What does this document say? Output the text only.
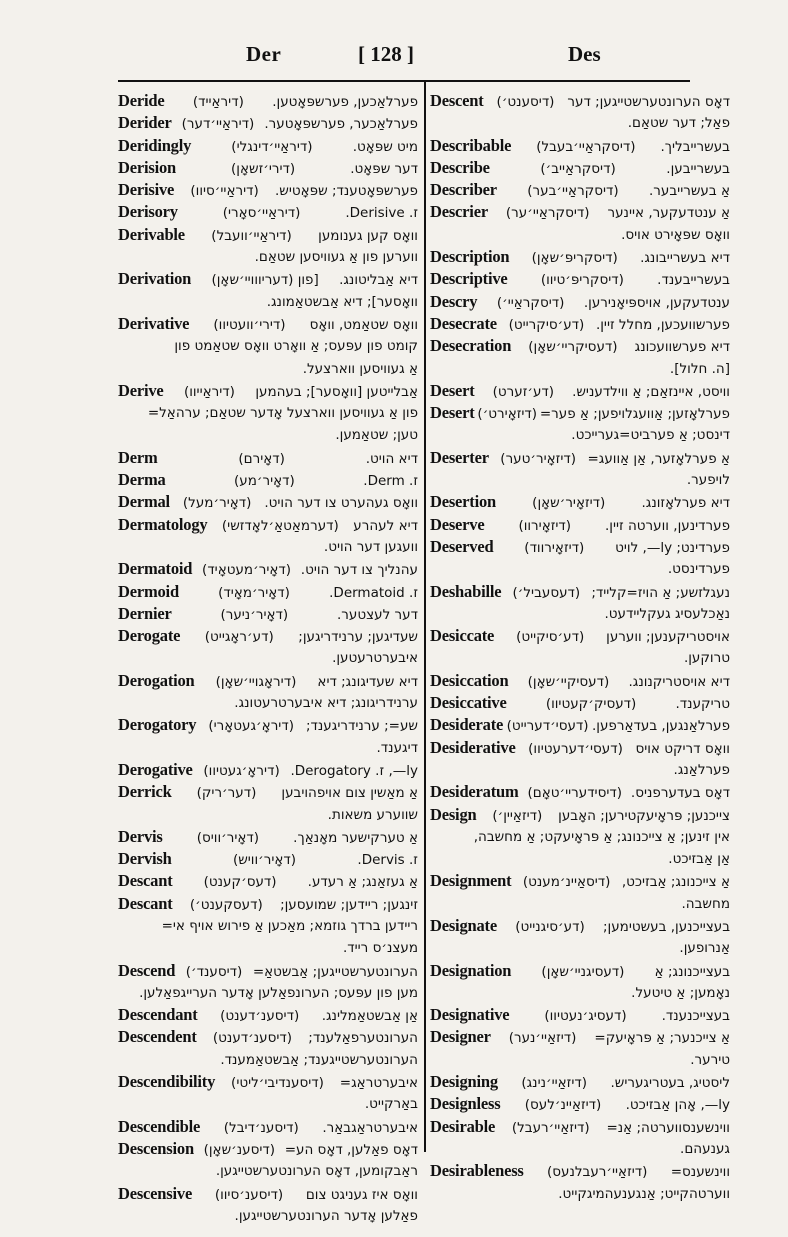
Der	[ 128 ]	Des
Deride (דיראַייד) פערלאַכען, פערשפּאָטען.
Derider (דיראַיי׳דער) פערלאַכער, פערשפּאָטער.
Deridingly	(דיראַיי׳דינגלי)	מיט שפּאָט.
Derision	(דירי׳זשאָן)	דער שפּאָט.
Derisive (דיראַיי׳סיוו) פערשפּאָטענד; שפּאָטיש.
Derisory	(דיראַיי׳סאָרי)	ז. Derisive.
Derivable (דיראַיי׳וועבל) וואָס קען גענומען
ווערען פון אַ געוויסען שטאַם.
Derivation [פון (דעריווויי׳שאָן) דיא אַבליטונג.
וואָסער]; דיא אַבשטאַמונג.
Derivative (דירי׳וועטיוו) וואָס שטאַמט, וואָס
קומט פון עפּעס; אַ וואָרט וואָס שטאַמט פון
אַ געוויסען ווארצעל.
Derive (דיראַייוו) אַבלייטען [וואָסער]; בעהמען
פון אַ געוויסען ווארצעל אָדער שטאַם; ערהאַל=
טען; שטאַמען.
Derm	(דאָירם)	דיא הויט.
Derma	(דאָיר׳מע)	ז. Derm.
Dermal (דאָיר׳מעל) וואָס געהערט צו דער הויט.
Dermatology (דערמאַטאַ׳לאָדזשי) דיא לעהרע
וועגען דער הויט.
Dermatoid (דאָיר׳מעטאָיד) עהנליך צו דער הויט.
Dermoid	(דאָיר׳מאָיד)	ז. Dermatoid.
Dernier	(דאָיר׳ניער)	דער לעצטער.
Derogate (דע׳ראָגייט) שעדיגען; ערנידריגען;
איבערטרעטען.
Derogation (דיראָגויי׳שאָן) דיא שעדיגונג; דיא
ערנידריגונג; דיא איבערטרעטונג.
Derogatory (דיראָ׳געטאָרי) שע=; ערנידריגענד;
דיגענד.
Derogative (דיראָ׳געטיוו) ly—, ז. Derogatory.
Derrick (דער׳ריק) אַ מאַשין צום אויפהויבען
שווערע משאות.
Dervis	(דאָיר׳וויס)	אַ טערקישער מאָנאַך.
Dervish	(דאָיר׳וויש)	ז. Dervis.
Descant (דעס׳קענט) אַ געזאַנג; אַ רעדע.
Descant (דעסקענט׳) זינגען; ריידען; שמועסען;
ריידען ברדך גוזמא; מאַכען אַ פירוש אויף אי=
מעצנ׳ס רייד.
Descend (דיסענד׳) הערונטערשטייגען; אַבשטאַ=
מען פון עפּעס; הערונפאַלען אָדער הערייגפאַלען.
Descendant (דיסענ׳דענט) אַן אַבשטאַמלינג.
Descendent (דיסענ׳דענט) הערונטערפאַלענד;
הערונטערשטייגענד; אַבשטאַמענד.
Descendibility (דיסענדיבי׳ליטי) איבערטראַג=
באַרקייט.
Descendible (דיסענ׳דיבל) איבערטראַגבאַר.
Descension (דיסענ׳שאָן) דאָס פאַלען, דאָס הע=
ראַבקומען, דאָס הערונטערשטייגען.
Descensive (דיסענ׳סיוו) וואָס איז געניגט צום
פאַלען אָדער הערונטערשטייגען.
Descent (דיסענט׳) דאָס הערונטערשטייגען; דער
פאַל; דער שטאַם.
Describable (דיסקראַיי׳בעבל) בעשרייבליך.
Describe	(דיסקראַייב׳)	בעשרייבען.
Describer (דיסקראַיי׳בער) אַ בעשרייבער.
Descrier (דיסקראַיי׳ער) אַ ענטדעקער, איינער
וואָס שפּאָירט אויס.
Description (דיסקריפּ׳שאָן) דיא בעשרייבונג.
Descriptive (דיסקריפּ׳טיוו) בעשרייבענד.
Descry (דיסקראַיי׳) ענטדעקען, אויספּיאָנירען.
Desecrate (דע׳סיקרייט) פערשוועכען, מחלל זיין.
Desecration (דעסיקריי׳שאָן) דיא פערשוועכונג
[ה. חלול].
Desert (דע׳זערט) וויסט, איינזאַם; אַ ווילדעניש.
Desert (דיזאָירט׳) פערלאָזען; אַוועגלויפען; אַ פער=
דינסט; אַ פערביט=גערייכט.
Deserter (דיזאָיר׳טער) אַ פערלאָזער, אַן אַוועג=
לויפער.
Desertion	(דיזאָיר׳שאָן)	דיא פערלאָזונג.
Deserve	(דיזאָירוו)	פערדינען, ווערטה זיין.
Deserved (דיזאָירווד) פערדינט; ly—, לויט
פערדינסט.
Deshabille (דעסעביל׳) נעגלזשע; אַ הויז=קלייד;
נאַכלעסיג געקליידעט.
Desiccate (דע׳סיקייט) אויסטריקענען; ווערען
טרוקען.
Desiccation (דעסיקיי׳שאָן) דיא אויסטריקנונג.
Desiccative	(דעסיק׳קעטיוו)	טריקענד.
Desiderate (דעסי׳דערייט) פערלאַנגען, בעדאַרפען.
Desiderative (דעסי׳דערעטיוו) וואָס דריקט אויס
פערלאַנג.
Desideratum (דיסידעריי׳טאָם) דאָס בעדערפניס.
Design (דיזאַיין׳) צייכנען; פּראָיעקטירען; האָבען
אין זינען; אַ צייכנונג; אַ פּראָיעקט; אַ מחשבה,
אַן אַבזיכט.
Designment (דיסאַיינ׳מענט) אַ צייכנונג; אַבזיכט,
מחשבה.
Designate (דע׳סיגנייט) בעצייכנען, בעשטימען;
אַנרופען.
Designation (דעסיגניי׳שאָן) בעצייכנונג; אַ
נאָמען; אַ טיטעל.
Designative	(דעסיג׳נעטיוו)	בעצייכנענד.
Designer (דיזאַיי׳נער) אַ צייכנער; אַ פּראָיעק=
טירער.
Designing (דיזאַיי׳נינג) ליסטיג, בעטריגעריש.
Designless (דיזאַיינ׳לעס) ly—, אָהן אַבזיכט.
Desirable (דיזאַיי׳רעבל) ווינשענסווערטה; אַנ=
גענעהם.
Desirableness (דיזאַיי׳רעבלנעס) ווינשענס=
ווערטהקייט; אַנגענעהמיגקייט.
